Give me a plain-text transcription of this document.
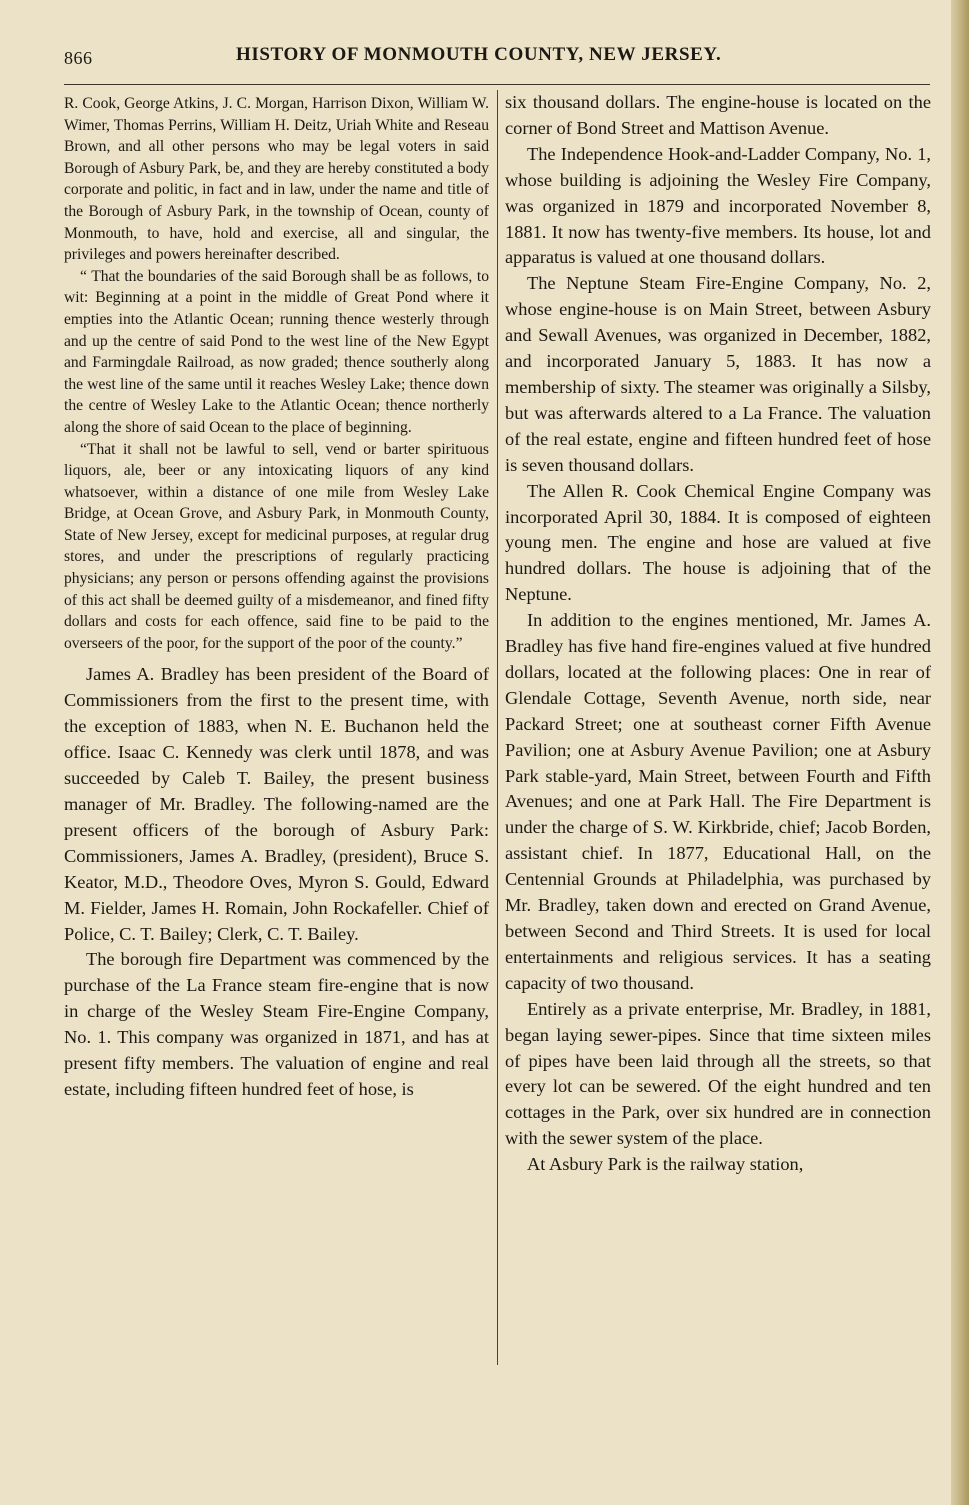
866	HISTORY OF MONMOUTH COUNTY, NEW JERSEY.

R. Cook, George Atkins, J. C. Morgan, Harrison Dixon, William W. Wimer, Thomas Perrins, William H. Deitz, Uriah White and Reseau Brown, and all other persons who may be legal voters in said Borough of Asbury Park, be, and they are hereby constituted a body corporate and politic, in fact and in law, under the name and title of the Borough of Asbury Park, in the township of Ocean, county of Monmouth, to have, hold and exercise, all and singular, the privileges and powers hereinafter described.

“ That the boundaries of the said Borough shall be as follows, to wit: Beginning at a point in the middle of Great Pond where it empties into the Atlantic Ocean; running thence westerly through and up the centre of said Pond to the west line of the New Egypt and Farmingdale Railroad, as now graded; thence southerly along the west line of the same until it reaches Wesley Lake; thence down the centre of Wesley Lake to the Atlantic Ocean; thence northerly along the shore of said Ocean to the place of beginning.

“That it shall not be lawful to sell, vend or barter spirituous liquors, ale, beer or any intoxicating liquors of any kind whatsoever, within a distance of one mile from Wesley Lake Bridge, at Ocean Grove, and Asbury Park, in Monmouth County, State of New Jersey, except for medicinal purposes, at regular drug stores, and under the prescriptions of regularly practicing physicians; any person or persons offending against the provisions of this act shall be deemed guilty of a misdemeanor, and fined fifty dollars and costs for each offence, said fine to be paid to the overseers of the poor, for the support of the poor of the county.”

James A. Bradley has been president of the Board of Commissioners from the first to the present time, with the exception of 1883, when N. E. Buchanon held the office. Isaac C. Kennedy was clerk until 1878, and was succeeded by Caleb T. Bailey, the present business manager of Mr. Bradley. The following-named are the present officers of the borough of Asbury Park: Commissioners, James A. Bradley, (president), Bruce S. Keator, M.D., Theodore Oves, Myron S. Gould, Edward M. Fielder, James H. Romain, John Rockafeller. Chief of Police, C. T. Bailey; Clerk, C. T. Bailey.

The borough fire Department was commenced by the purchase of the La France steam fire-engine that is now in charge of the Wesley Steam Fire-Engine Company, No. 1. This company was organized in 1871, and has at present fifty members. The valuation of engine and real estate, including fifteen hundred feet of hose, is

six thousand dollars. The engine-house is located on the corner of Bond Street and Mattison Avenue.

The Independence Hook-and-Ladder Company, No. 1, whose building is adjoining the Wesley Fire Company, was organized in 1879 and incorporated November 8, 1881. It now has twenty-five members. Its house, lot and apparatus is valued at one thousand dollars.

The Neptune Steam Fire-Engine Company, No. 2, whose engine-house is on Main Street, between Asbury and Sewall Avenues, was organized in December, 1882, and incorporated January 5, 1883. It has now a membership of sixty. The steamer was originally a Silsby, but was afterwards altered to a La France. The valuation of the real estate, engine and fifteen hundred feet of hose is seven thousand dollars.

The Allen R. Cook Chemical Engine Company was incorporated April 30, 1884. It is composed of eighteen young men. The engine and hose are valued at five hundred dollars. The house is adjoining that of the Neptune.

In addition to the engines mentioned, Mr. James A. Bradley has five hand fire-engines valued at five hundred dollars, located at the following places: One in rear of Glendale Cottage, Seventh Avenue, north side, near Packard Street; one at southeast corner Fifth Avenue Pavilion; one at Asbury Avenue Pavilion; one at Asbury Park stable-yard, Main Street, between Fourth and Fifth Avenues; and one at Park Hall. The Fire Department is under the charge of S. W. Kirkbride, chief; Jacob Borden, assistant chief. In 1877, Educational Hall, on the Centennial Grounds at Philadelphia, was purchased by Mr. Bradley, taken down and erected on Grand Avenue, between Second and Third Streets. It is used for local entertainments and religious services. It has a seating capacity of two thousand.

Entirely as a private enterprise, Mr. Bradley, in 1881, began laying sewer-pipes. Since that time sixteen miles of pipes have been laid through all the streets, so that every lot can be sewered. Of the eight hundred and ten cottages in the Park, over six hundred are in connection with the sewer system of the place.

At Asbury Park is the railway station,
